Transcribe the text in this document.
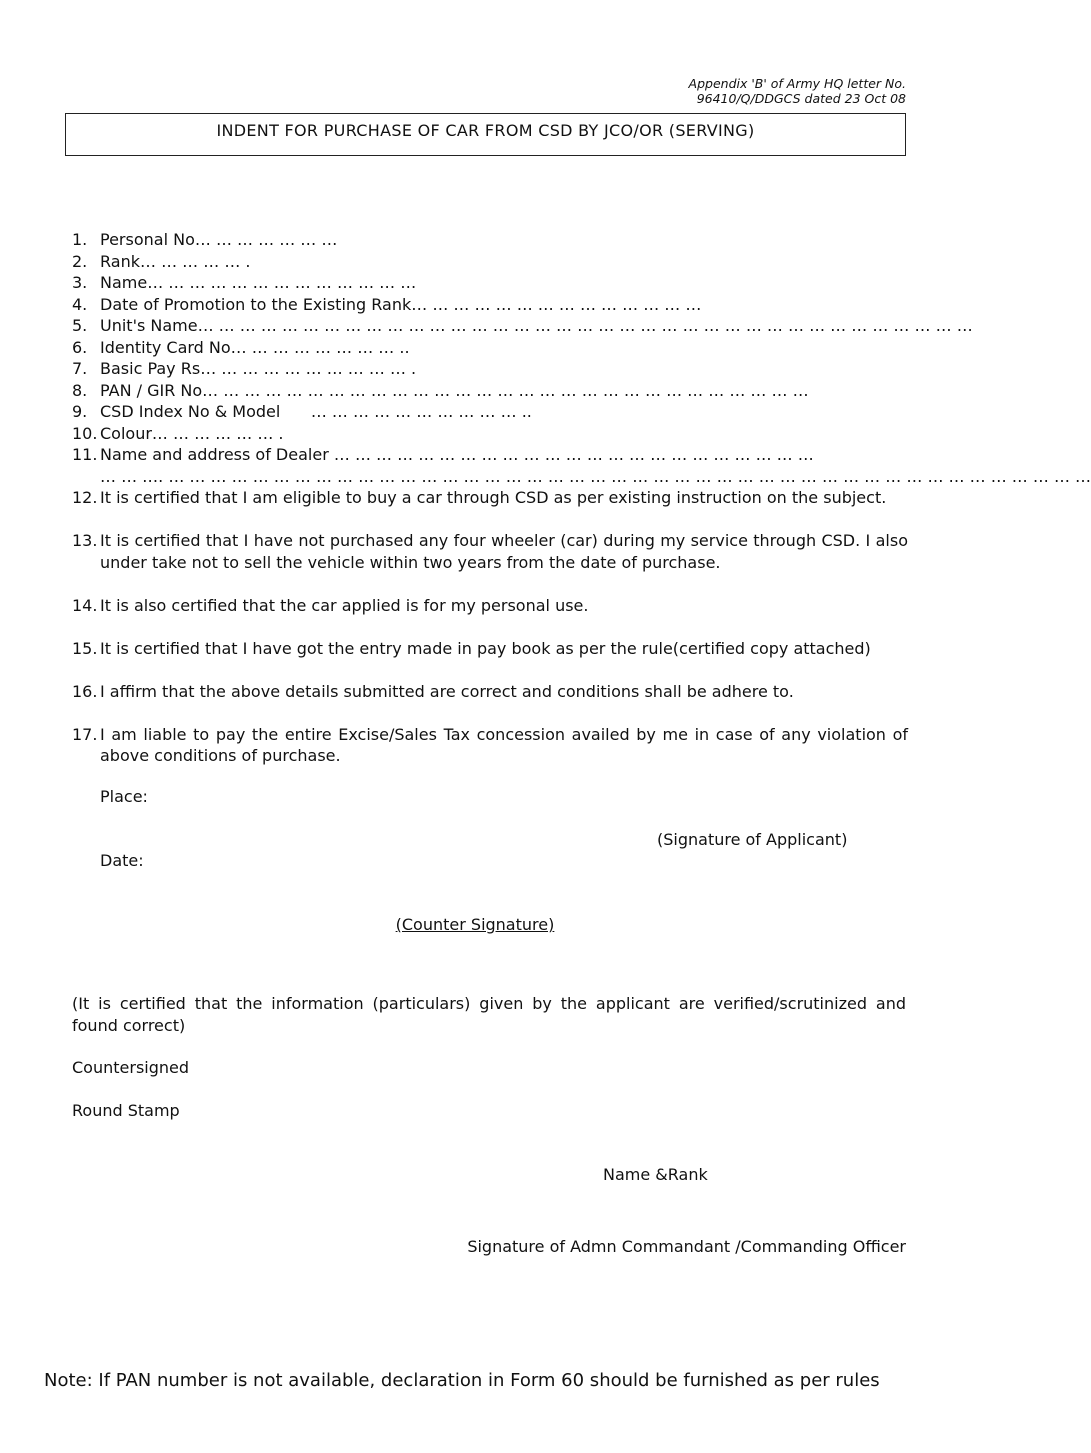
Appendix 'B' of Army HQ letter No.
96410/Q/DDGCS dated 23 Oct 08
INDENT FOR PURCHASE OF CAR FROM CSD BY JCO/OR (SERVING)
1. Personal No… … … … … … …
2. Rank… … … … … .
3. Name… … … … … … … … … … … … …
4. Date of Promotion to the Existing Rank… … … … … … … … … … … … … …
5. Unit's Name… … … … … … … … … … … … … … … … … … … … … … … … … … … … … … … … … … … … …
6. Identity Card No… … … … … … … … ..
7. Basic Pay Rs… … … … … … … … … … .
8. PAN / GIR No… … … … … … … … … … … … … … … … … … … … … … … … … … … … …
9. CSD Index No & Model      … … … … … … … … … … ..
10. Colour… … … … … … .
11. Name and address of Dealer … … … … … … … … … … … … … … … … … … … … … … …
… … …. … … … … … … … … … … … … … … … … … … … … … … … … … … … … … … … … … … … … … … … … … … … …
12. It is certified that I am eligible to buy a car through CSD as per existing instruction on the subject.
13. It is certified that I have not purchased any four wheeler (car) during my service through CSD. I also under take not to sell the vehicle within two years from the date of purchase.
14. It is also certified that the car applied is for my personal use.
15. It is certified that I have got the entry made in pay book as per the rule(certified copy attached)
16. I affirm that the above details submitted are correct and conditions shall be adhere to.
17. I am liable to pay the entire Excise/Sales Tax concession availed by me in case of any violation of above conditions of purchase.
Place:
(Signature of Applicant)
Date:
(Counter Signature)
(It is certified that the information (particulars) given by the applicant are verified/scrutinized and found correct)
Countersigned
Round Stamp
Name &Rank
Signature of Admn Commandant /Commanding Officer
Note: If PAN number is not available, declaration in Form 60 should be furnished as per rules
